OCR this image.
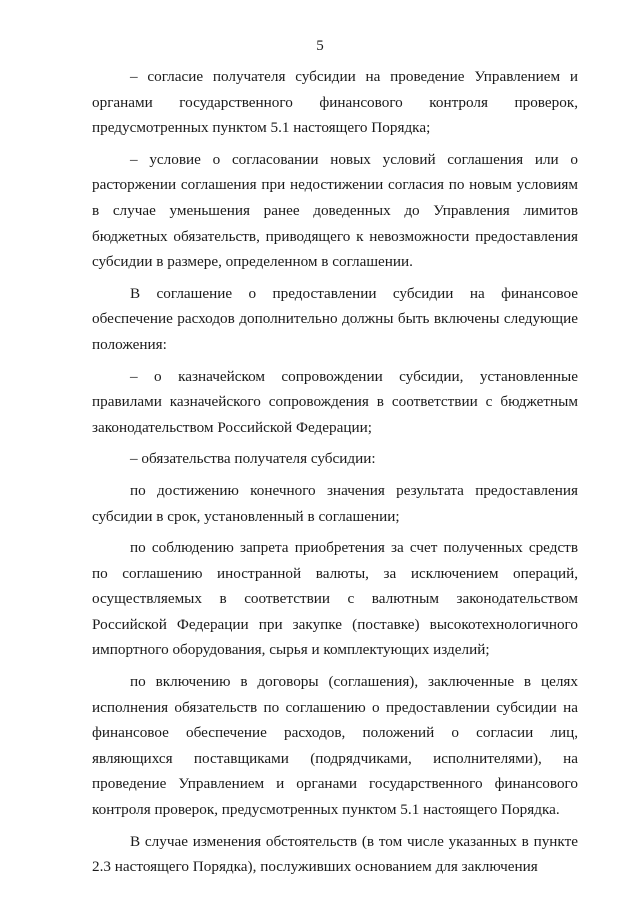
5

– согласие получателя субсидии на проведение Управлением и органами государственного финансового контроля проверок, предусмотренных пунктом 5.1 настоящего Порядка;

– условие о согласовании новых условий соглашения или о расторжении соглашения при недостижении согласия по новым условиям в случае уменьшения ранее доведенных до Управления лимитов бюджетных обязательств, приводящего к невозможности предоставления субсидии в размере, определенном в соглашении.

В соглашение о предоставлении субсидии на финансовое обеспечение расходов дополнительно должны быть включены следующие положения:

– о казначейском сопровождении субсидии, установленные правилами казначейского сопровождения в соответствии с бюджетным законодательством Российской Федерации;

– обязательства получателя субсидии:

по достижению конечного значения результата предоставления субсидии в срок, установленный в соглашении;

по соблюдению запрета приобретения за счет полученных средств по соглашению иностранной валюты, за исключением операций, осуществляемых в соответствии с валютным законодательством Российской Федерации при закупке (поставке) высокотехнологичного импортного оборудования, сырья и комплектующих изделий;

по включению в договоры (соглашения), заключенные в целях исполнения обязательств по соглашению о предоставлении субсидии на финансовое обеспечение расходов, положений о согласии лиц, являющихся поставщиками (подрядчиками, исполнителями), на проведение Управлением и органами государственного финансового контроля проверок, предусмотренных пунктом 5.1 настоящего Порядка.

В случае изменения обстоятельств (в том числе указанных в пункте 2.3 настоящего Порядка), послуживших основанием для заключения
